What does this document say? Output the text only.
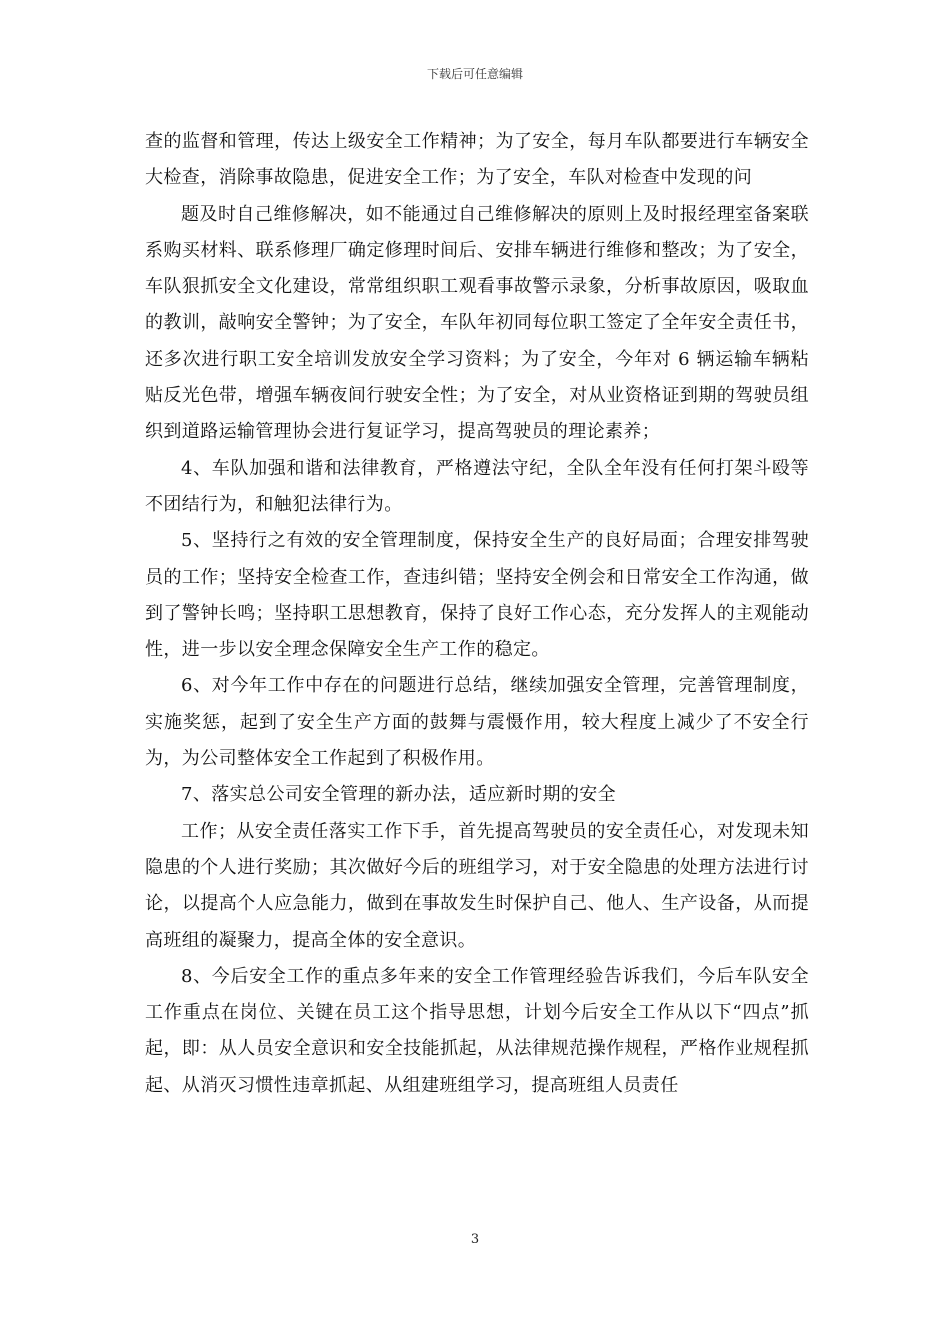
下载后可任意编辑

查的监督和管理，传达上级安全工作精神；为了安全，每月车队都要进行车辆安全大检查，消除事故隐患，促进安全工作；为了安全，车队对检查中发现的问

题及时自己维修解决，如不能通过自己维修解决的原则上及时报经理室备案联系购买材料、联系修理厂确定修理时间后、安排车辆进行维修和整改；为了安全，车队狠抓安全文化建设，常常组织职工观看事故警示录象，分析事故原因，吸取血的教训，敲响安全警钟；为了安全，车队年初同每位职工签定了全年安全责任书，还多次进行职工安全培训发放安全学习资料；为了安全，今年对 6 辆运输车辆粘贴反光色带，增强车辆夜间行驶安全性；为了安全，对从业资格证到期的驾驶员组织到道路运输管理协会进行复证学习，提高驾驶员的理论素养；

4、车队加强和谐和法律教育，严格遵法守纪，全队全年没有任何打架斗殴等不团结行为，和触犯法律行为。

5、坚持行之有效的安全管理制度，保持安全生产的良好局面；合理安排驾驶员的工作；坚持安全检查工作，查违纠错；坚持安全例会和日常安全工作沟通，做到了警钟长鸣；坚持职工思想教育，保持了良好工作心态，充分发挥人的主观能动性，进一步以安全理念保障安全生产工作的稳定。

6、对今年工作中存在的问题进行总结，继续加强安全管理，完善管理制度，实施奖惩，起到了安全生产方面的鼓舞与震慑作用，较大程度上减少了不安全行为，为公司整体安全工作起到了积极作用。

7、落实总公司安全管理的新办法，适应新时期的安全

工作；从安全责任落实工作下手，首先提高驾驶员的安全责任心，对发现未知隐患的个人进行奖励；其次做好今后的班组学习，对于安全隐患的处理方法进行讨论，以提高个人应急能力，做到在事故发生时保护自己、他人、生产设备，从而提高班组的凝聚力，提高全体的安全意识。

8、今后安全工作的重点多年来的安全工作管理经验告诉我们，今后车队安全工作重点在岗位、关键在员工这个指导思想，计划今后安全工作从以下“四点”抓起，即：从人员安全意识和安全技能抓起，从法律规范操作规程，严格作业规程抓起、从消灭习惯性违章抓起、从组建班组学习，提高班组人员责任

3
